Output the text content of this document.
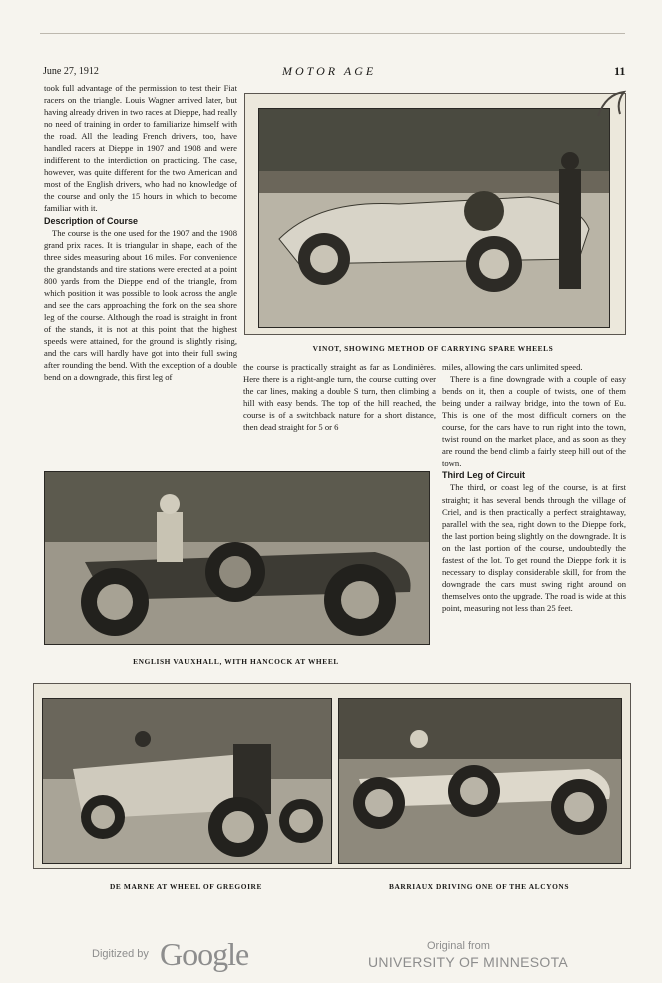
June 27, 1912	MOTOR AGE	11

took full advantage of the permission to test their Fiat racers on the triangle. Louis Wagner arrived later, but having already driven in two races at Dieppe, had really no need of training in order to familiarize himself with the road. All the leading French drivers, too, have handled racers at Dieppe in 1907 and 1908 and were indifferent to the interdiction on practicing. The case, however, was quite different for the two American and most of the English drivers, who had no knowledge of the course and only the 15 hours in which to become familiar with it.

Description of Course

The course is the one used for the 1907 and the 1908 grand prix races. It is triangular in shape, each of the three sides measuring about 16 miles. For convenience the grandstands and tire stations were erected at a point 800 yards from the Dieppe end of the triangle, from which position it was possible to look across the angle and see the cars approaching the fork on the sea shore leg of the course. Although the road is straight in front of the stands, it is not at this point that the highest speeds were attained, for the ground is slightly rising, and the cars will hardly have got into their full swing after rounding the bend. With the exception of a double bend on a downgrade, this first leg of

VINOT, SHOWING METHOD OF CARRYING SPARE WHEELS

the course is practically straight as far as Londinières. Here there is a right-angle turn, the course cutting over the car lines, making a double S turn, then climbing a hill with easy bends. The top of the hill reached, the course is of a switchback nature for a short distance, then dead straight for 5 or 6

miles, allowing the cars unlimited speed.

There is a fine downgrade with a couple of easy bends on it, then a couple of twists, one of them being under a railway bridge, into the town of Eu. This is one of the most difficult corners on the course, for the cars have to run right into the town, twist round on the market place, and as soon as they are round the bend climb a fairly steep hill out of the town.

Third Leg of Circuit

The third, or coast leg of the course, is at first straight; it has several bends through the village of Criel, and is then practically a perfect straightaway, parallel with the sea, right down to the Dieppe fork, the last portion being slightly on the downgrade. It is on the last portion of the course, undoubtedly the fastest of the lot. To get round the Dieppe fork it is necessary to display considerable skill, for from the downgrade the cars must swing right around on themselves onto the upgrade. The road is wide at this point, measuring not less than 25 feet.

ENGLISH VAUXHALL, WITH HANCOCK AT WHEEL
DE MARNE AT WHEEL OF GREGOIRE	BARRIAUX DRIVING ONE OF THE ALCYONS
Digitized by Google	Original from
UNIVERSITY OF MINNESOTA
